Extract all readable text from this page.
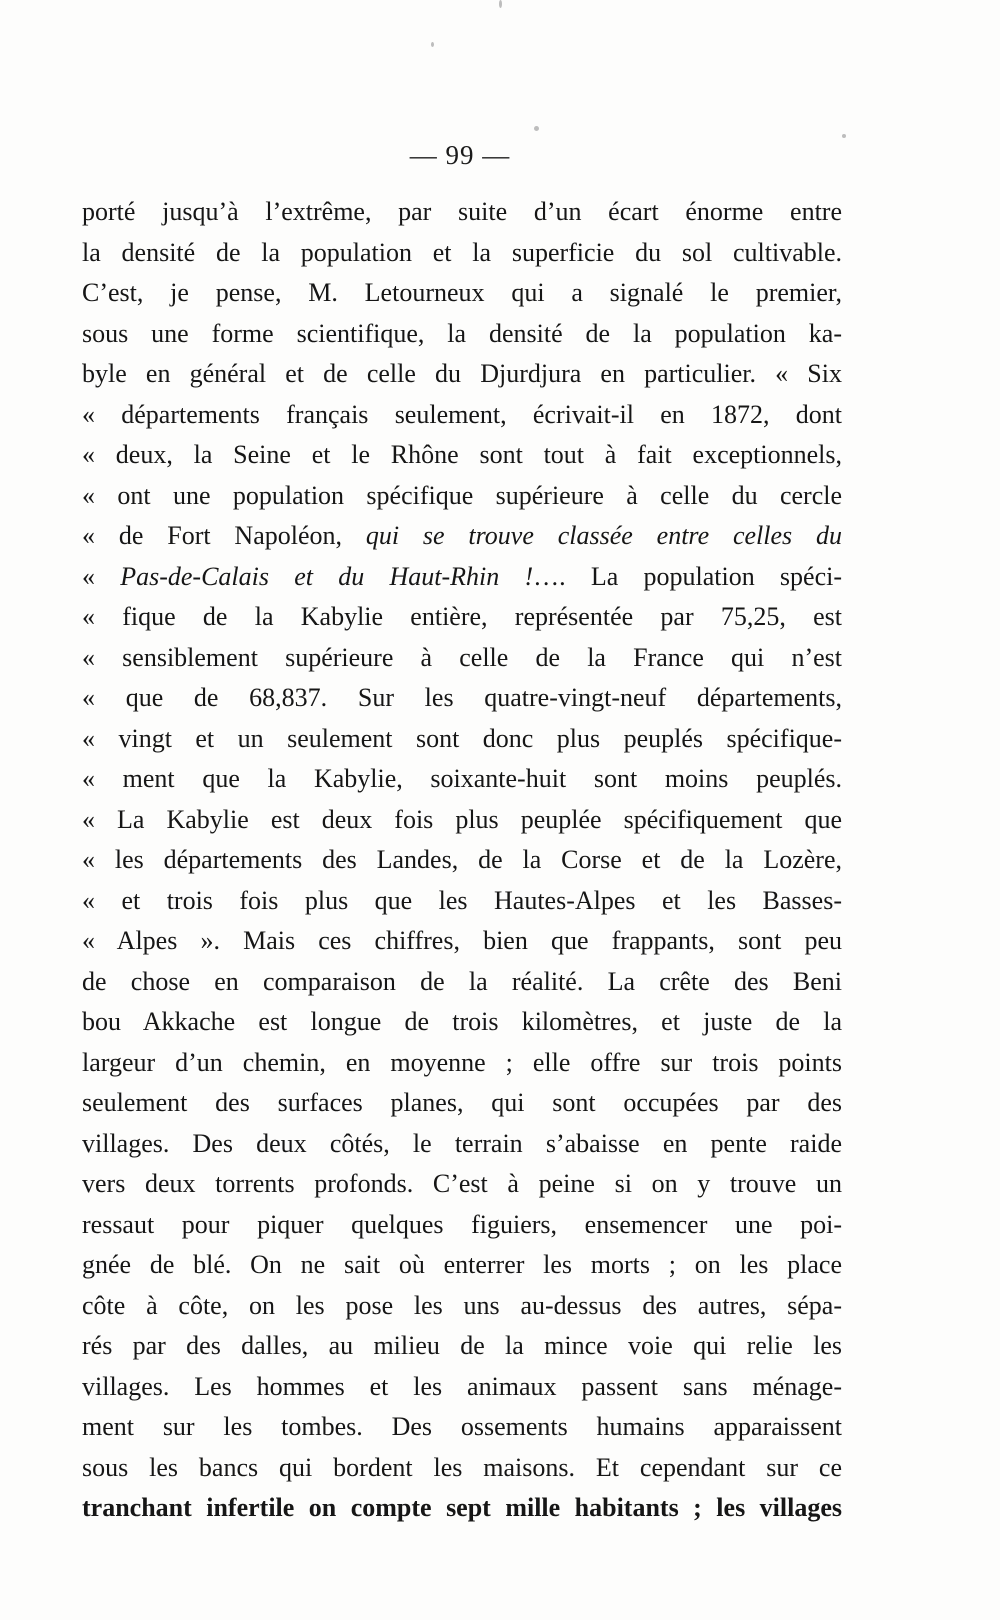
— 99 —
porté jusqu’à l’extrême, par suite d’un écart énorme entre
la densité de la population et la superficie du sol cultivable.
C’est, je pense, M. Letourneux qui a signalé le premier,
sous une forme scientifique, la densité de la population ka-
byle en général et de celle du Djurdjura en particulier. « Six
« départements français seulement, écrivait-il en 1872, dont
« deux, la Seine et le Rhône sont tout à fait exceptionnels,
« ont une population spécifique supérieure à celle du cercle
« de Fort Napoléon, qui se trouve classée entre celles du
« Pas-de-Calais et du Haut-Rhin !…. La population spéci-
« fique de la Kabylie entière, représentée par 75,25, est
« sensiblement supérieure à celle de la France qui n’est
« que de 68,837. Sur les quatre-vingt-neuf départements,
« vingt et un seulement sont donc plus peuplés spécifique-
« ment que la Kabylie, soixante-huit sont moins peuplés.
« La Kabylie est deux fois plus peuplée spécifiquement que
« les départements des Landes, de la Corse et de la Lozère,
« et trois fois plus que les Hautes-Alpes et les Basses-
« Alpes ». Mais ces chiffres, bien que frappants, sont peu
de chose en comparaison de la réalité. La crête des Beni
bou Akkache est longue de trois kilomètres, et juste de la
largeur d’un chemin, en moyenne ; elle offre sur trois points
seulement des surfaces planes, qui sont occupées par des
villages. Des deux côtés, le terrain s’abaisse en pente raide
vers deux torrents profonds. C’est à peine si on y trouve un
ressaut pour piquer quelques figuiers, ensemencer une poi-
gnée de blé. On ne sait où enterrer les morts ; on les place
côte à côte, on les pose les uns au-dessus des autres, sépa-
rés par des dalles, au milieu de la mince voie qui relie les
villages. Les hommes et les animaux passent sans ménage-
ment sur les tombes. Des ossements humains apparaissent
sous les bancs qui bordent les maisons. Et cependant sur ce
tranchant infertile on compte sept mille habitants ; les villages
